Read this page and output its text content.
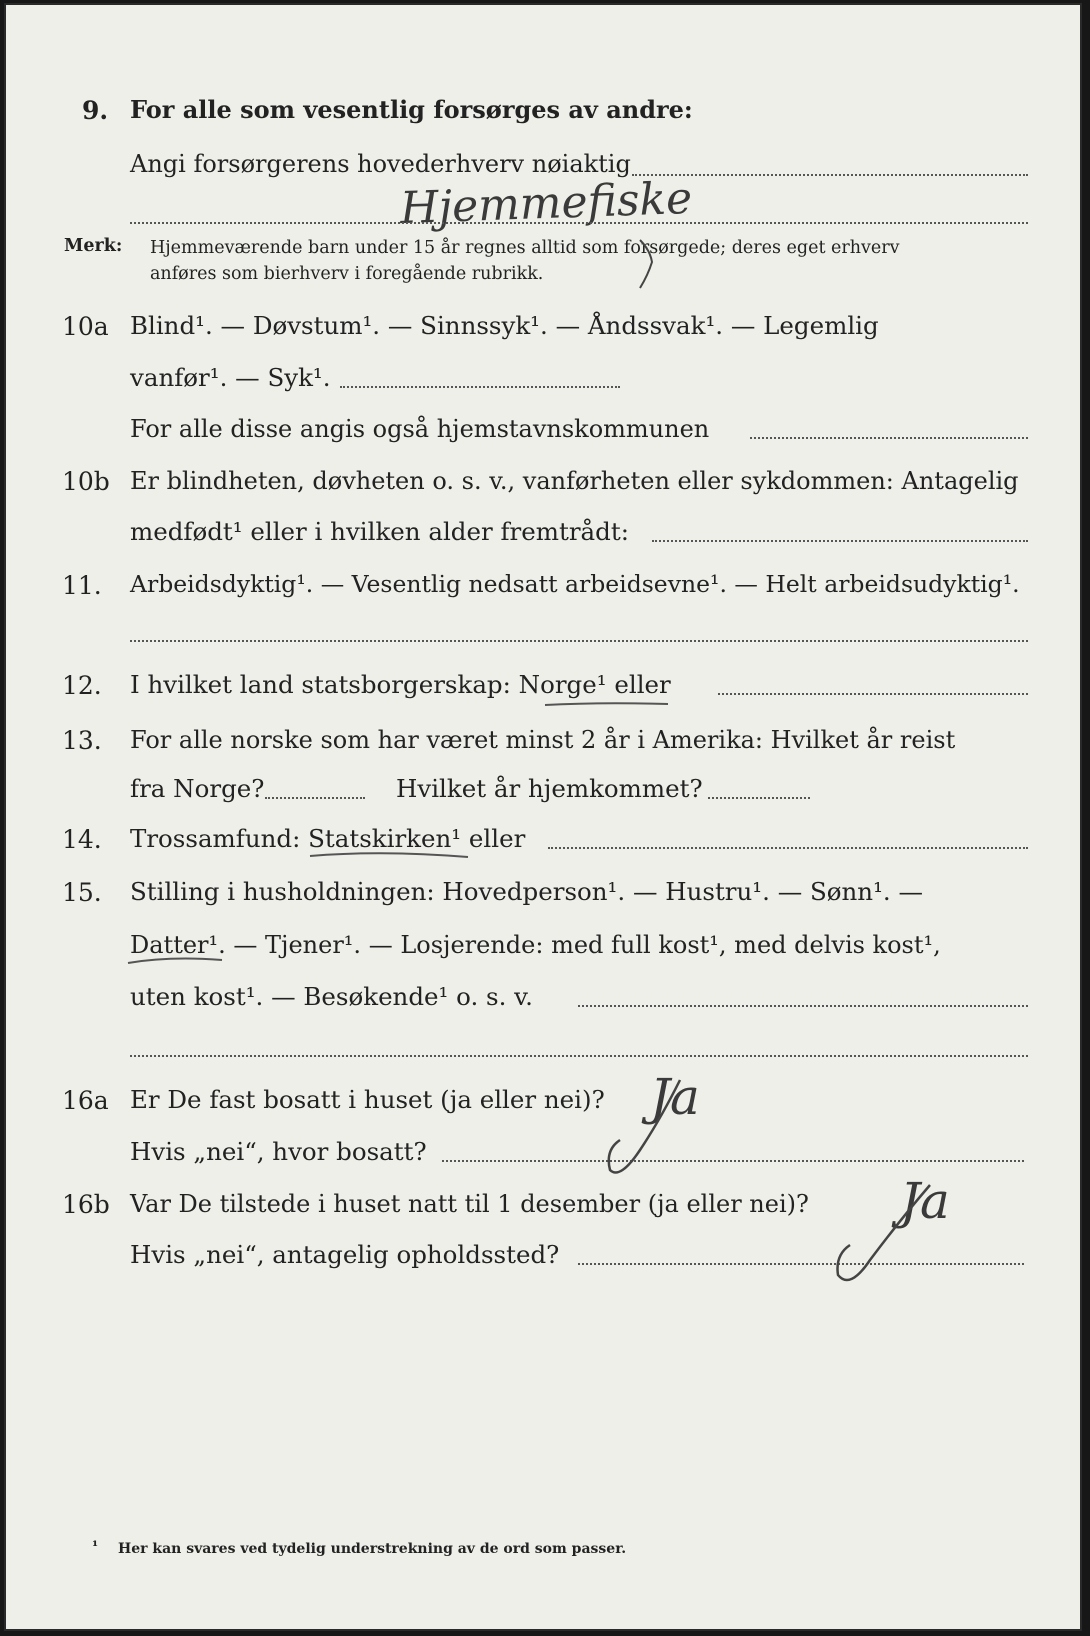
9. For alle som vesentlig forsørges av andre:
Angi forsørgerens hovederhverv nøiaktig
Hjemmefiske
Merk: Hjemmeværende barn under 15 år regnes alltid som forsørgede; deres eget erhverv
anføres som bierhverv i foregående rubrikk.
10a Blind¹. — Døvstum¹. — Sinnssyk¹. — Åndssvak¹. — Legemlig
vanfør¹. — Syk¹.
For alle disse angis også hjemstavnskommunen
10b Er blindheten, døvheten o. s. v., vanførheten eller sykdommen: Antagelig
medfødt¹ eller i hvilken alder fremtrådt:
11. Arbeidsdyktig¹. — Vesentlig nedsatt arbeidsevne¹. — Helt arbeidsudyktig¹.
12. I hvilket land statsborgerskap: Norge¹ eller
13. For alle norske som har været minst 2 år i Amerika: Hvilket år reist
fra Norge?	Hvilket år hjemkommet?
14. Trossamfund: Statskirken¹ eller
15. Stilling i husholdningen: Hovedperson¹. — Hustru¹. — Sønn¹. —
Datter¹. — Tjener¹. — Losjerende: med full kost¹, med delvis kost¹,
uten kost¹. — Besøkende¹ o. s. v.
16a Er De fast bosatt i huset (ja eller nei)? Ja
Hvis „nei“, hvor bosatt?
16b Var De tilstede i huset natt til 1 desember (ja eller nei)? Ja
Hvis „nei“, antagelig opholdssted?
¹ Her kan svares ved tydelig understrekning av de ord som passer.
